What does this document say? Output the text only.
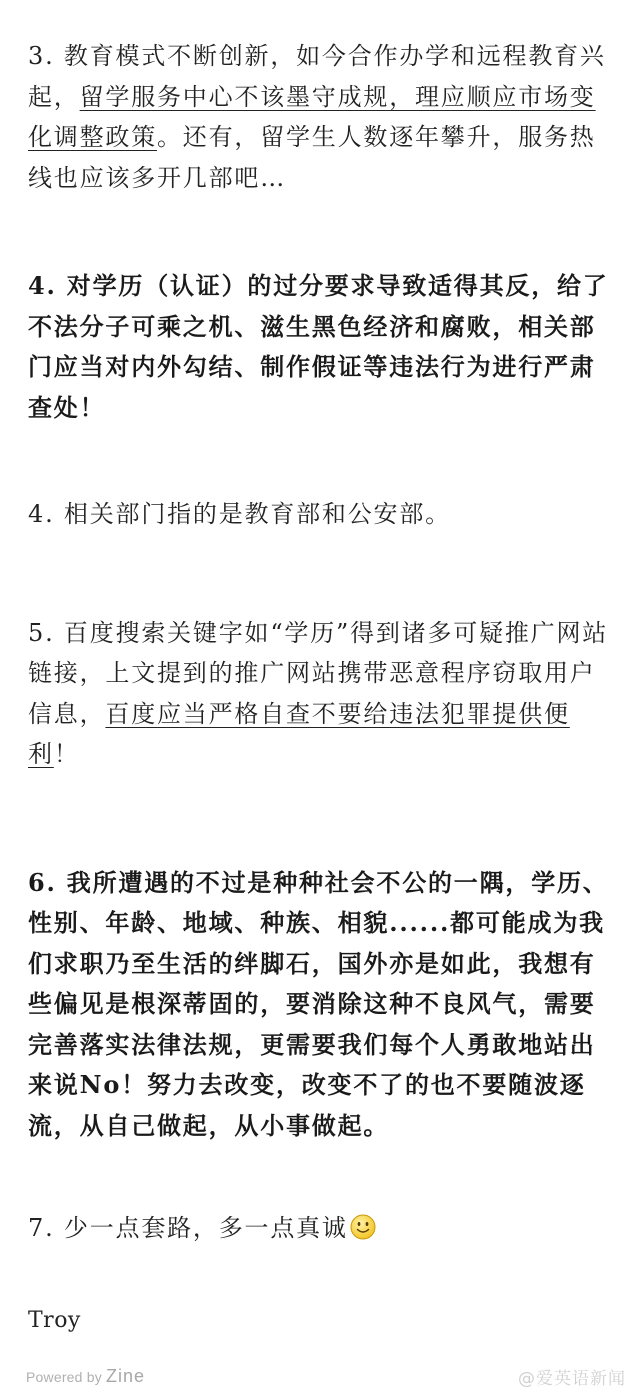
3. 教育模式不断创新，如今合作办学和远程教育兴起，留学服务中心不该墨守成规，理应顺应市场变化调整政策。还有，留学生人数逐年攀升，服务热线也应该多开几部吧…

4. 对学历（认证）的过分要求导致适得其反，给了不法分子可乘之机、滋生黑色经济和腐败，相关部门应当对内外勾结、制作假证等违法行为进行严肃查处！

4. 相关部门指的是教育部和公安部。

5. 百度搜索关键字如“学历”得到诸多可疑推广网站链接，上文提到的推广网站携带恶意程序窃取用户信息，百度应当严格自查不要给违法犯罪提供便利！

6. 我所遭遇的不过是种种社会不公的一隅，学历、性别、年龄、地域、种族、相貌......都可能成为我们求职乃至生活的绊脚石，国外亦是如此，我想有些偏见是根深蒂固的，要消除这种不良风气，需要完善落实法律法规，更需要我们每个人勇敢地站出来说No！努力去改变，改变不了的也不要随波逐流，从自己做起，从小事做起。

7. 少一点套路，多一点真诚

Troy

Powered by Zine	@爱英语新闻
